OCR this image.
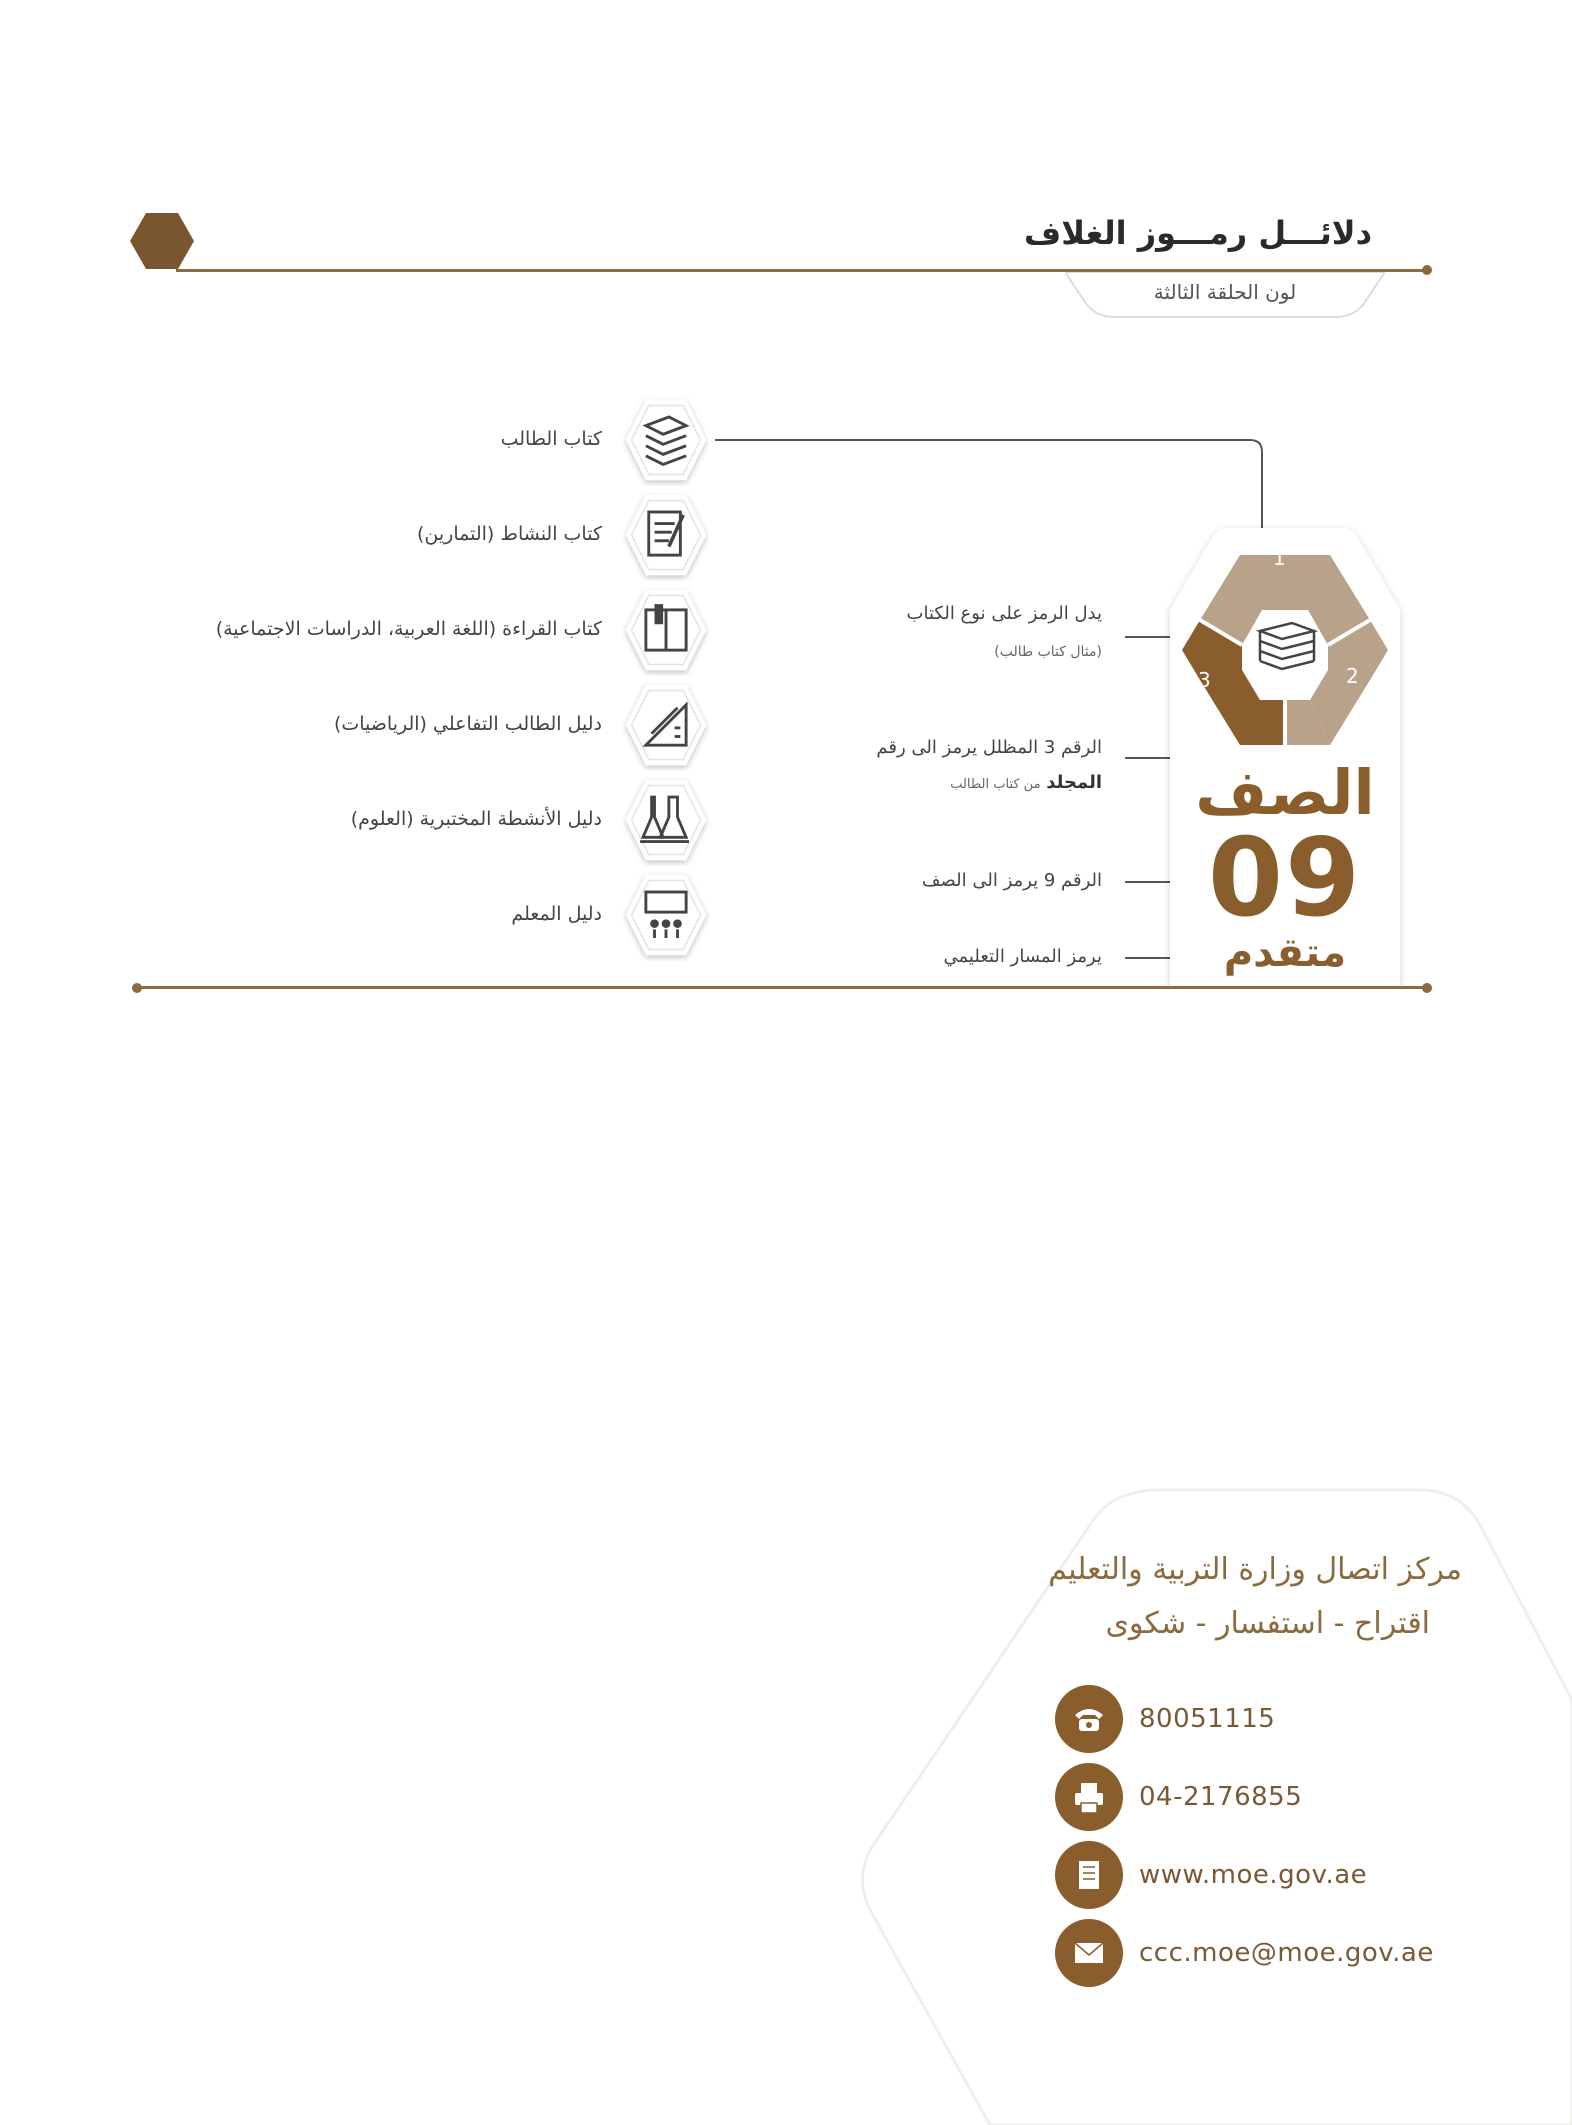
دلائـــل رمـــوز الغلاف
لون الحلقة الثالثة
كتاب الطالب
كتاب النشاط (التمارين)
كتاب القراءة (اللغة العربية، الدراسات الاجتماعية)
دليل الطالب التفاعلي (الرياضيات)
دليل الأنشطة المختبرية (العلوم)
دليل المعلم
يدل الرمز على نوع الكتاب
(مثال كتاب طالب)
الرقم 3 المظلل يرمز الى رقم
المجلد من كتاب الطالب
الرقم 9 يرمز الى الصف
يرمز المسار التعليمي
1
2
3
الصف
09
متقدم
مركز اتصال وزارة التربية والتعليم
اقتراح - استفسار - شكوى
80051115
04-2176855
www.moe.gov.ae
ccc.moe@moe.gov.ae
